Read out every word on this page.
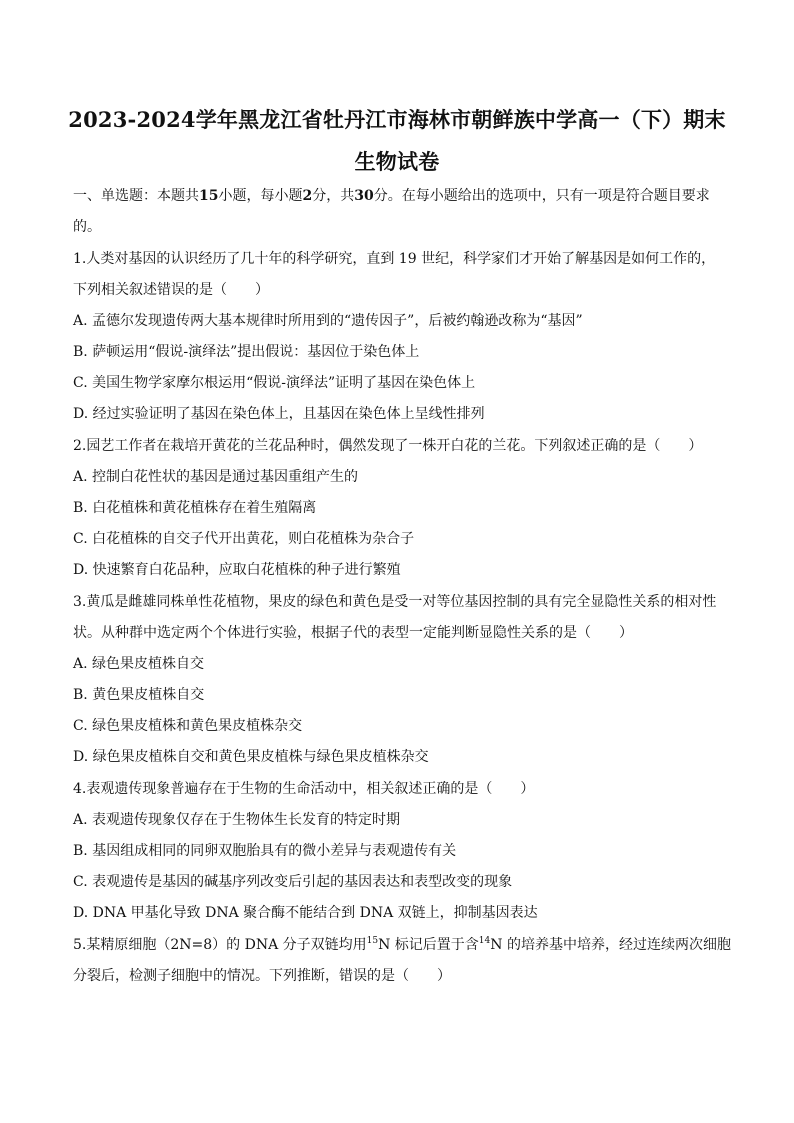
2023-2024学年黑龙江省牡丹江市海林市朝鲜族中学高一（下）期末
生物试卷
一、单选题：本题共15小题，每小题2分，共30分。在每小题给出的选项中，只有一项是符合题目要求
的。
1.人类对基因的认识经历了几十年的科学研究，直到 19 世纪，科学家们才开始了解基因是如何工作的，
下列相关叙述错误的是（　　）
A. 孟德尔发现遗传两大基本规律时所用到的“遗传因子”，后被约翰逊改称为“基因”
B. 萨顿运用“假说-演绎法”提出假说：基因位于染色体上
C. 美国生物学家摩尔根运用“假说-演绎法”证明了基因在染色体上
D. 经过实验证明了基因在染色体上，且基因在染色体上呈线性排列
2.园艺工作者在栽培开黄花的兰花品种时，偶然发现了一株开白花的兰花。下列叙述正确的是（　　）
A. 控制白花性状的基因是通过基因重组产生的
B. 白花植株和黄花植株存在着生殖隔离
C. 白花植株的自交子代开出黄花，则白花植株为杂合子
D. 快速繁育白花品种，应取白花植株的种子进行繁殖
3.黄瓜是雌雄同株单性花植物，果皮的绿色和黄色是受一对等位基因控制的具有完全显隐性关系的相对性
状。从种群中选定两个个体进行实验，根据子代的表型一定能判断显隐性关系的是（　　）
A. 绿色果皮植株自交
B. 黄色果皮植株自交
C. 绿色果皮植株和黄色果皮植株杂交
D. 绿色果皮植株自交和黄色果皮植株与绿色果皮植株杂交
4.表观遗传现象普遍存在于生物的生命活动中，相关叙述正确的是（　　）
A. 表观遗传现象仅存在于生物体生长发育的特定时期
B. 基因组成相同的同卵双胞胎具有的微小差异与表观遗传有关
C. 表观遗传是基因的碱基序列改变后引起的基因表达和表型改变的现象
D. DNA 甲基化导致 DNA 聚合酶不能结合到 DNA 双链上，抑制基因表达
5.某精原细胞（2N=8）的 DNA 分子双链均用$^{15}$N 标记后置于含$^{14}$N 的培养基中培养，经过连续两次细胞
分裂后，检测子细胞中的情况。下列推断，错误的是（　　）
